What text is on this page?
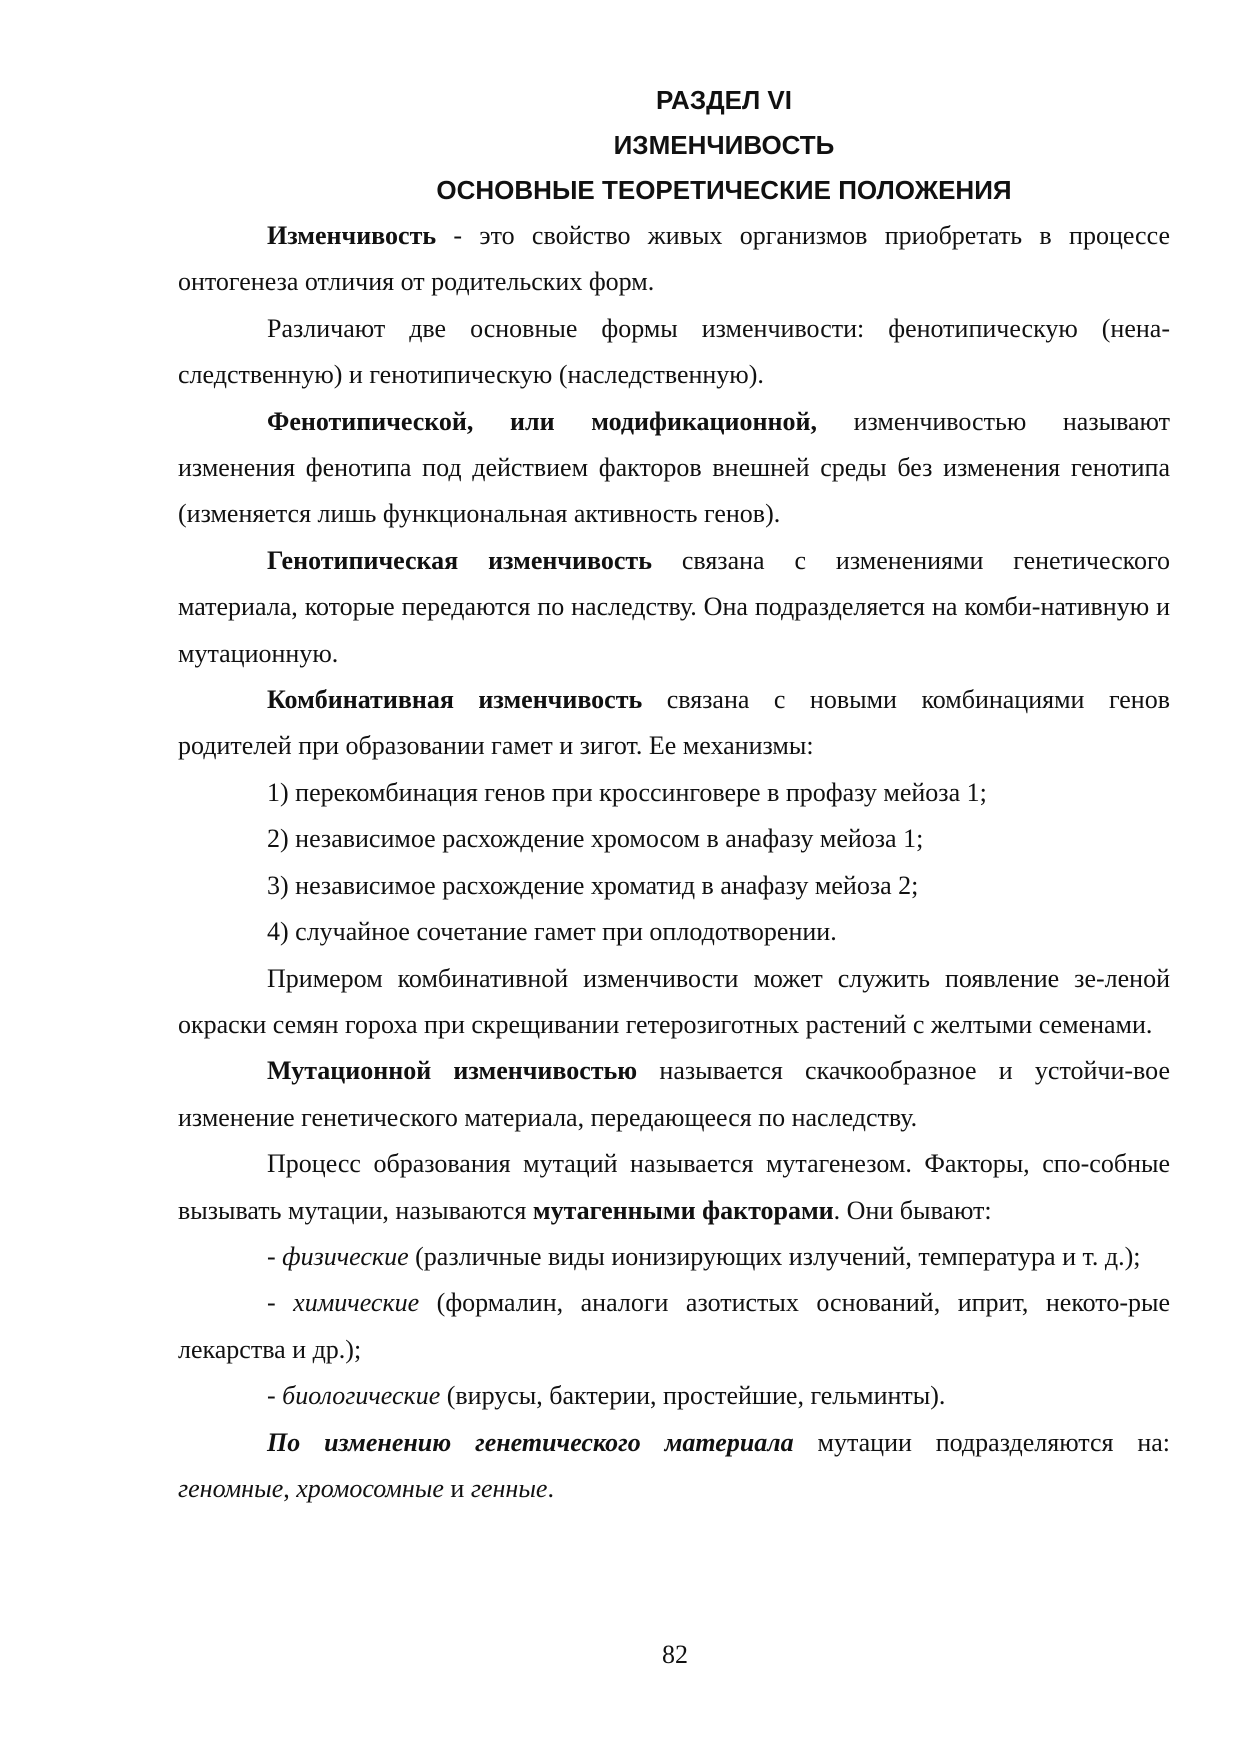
РАЗДЕЛ VI

ИЗМЕНЧИВОСТЬ

ОСНОВНЫЕ ТЕОРЕТИЧЕСКИЕ ПОЛОЖЕНИЯ

Изменчивость - это свойство живых организмов приобретать в процессе онтогенеза отличия от родительских форм.

Различают две основные формы изменчивости: фенотипическую (нена-следственную) и генотипическую (наследственную).

Фенотипической, или модификационной, изменчивостью называют изменения фенотипа под действием факторов внешней среды без изменения генотипа (изменяется лишь функциональная активность генов).

Генотипическая изменчивость связана с изменениями генетического материала, которые передаются по наследству. Она подразделяется на комби-нативную и мутационную.

Комбинативная изменчивость связана с новыми комбинациями генов родителей при образовании гамет и зигот. Ее механизмы:

1) перекомбинация генов при кроссинговере в профазу мейоза 1;

2) независимое расхождение хромосом в анафазу мейоза 1;

3) независимое расхождение хроматид в анафазу мейоза 2;

4) случайное сочетание гамет при оплодотворении.

Примером комбинативной изменчивости может служить появление зе-леной окраски семян гороха при скрещивании гетерозиготных растений с желтыми семенами.

Мутационной изменчивостью называется скачкообразное и устойчи-вое изменение генетического материала, передающееся по наследству.

Процесс образования мутаций называется мутагенезом. Факторы, спо-собные вызывать мутации, называются мутагенными факторами. Они бывают:

- физические (различные виды ионизирующих излучений, температура и т. д.);

- химические (формалин, аналоги азотистых оснований, иприт, некото-рые лекарства и др.);

- биологические (вирусы, бактерии, простейшие, гельминты).

По изменению генетического материала мутации подразделяются на: геномные, хромосомные и генные.

82
